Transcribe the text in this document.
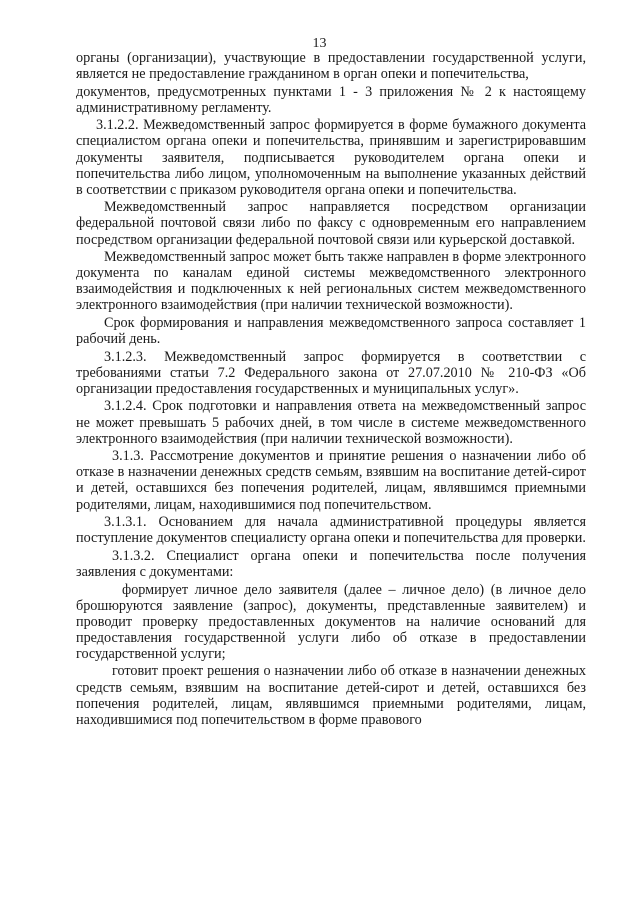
13

органы (организации), участвующие в предоставлении государственной услуги, является не предоставление гражданином в орган опеки и попечительства,

документов, предусмотренных пунктами 1 - 3 приложения № 2 к настоящему административному регламенту.

3.1.2.2. Межведомственный запрос формируется в форме бумажного документа специалистом органа опеки и попечительства, принявшим и зарегистрировавшим документы заявителя, подписывается руководителем органа опеки и попечительства либо лицом, уполномоченным на выполнение указанных действий в соответствии с приказом руководителя органа опеки и попечительства.

Межведомственный запрос направляется посредством организации федеральной почтовой связи либо по факсу с одновременным его направлением посредством организации федеральной почтовой связи или курьерской доставкой.

Межведомственный запрос может быть также направлен в форме электронного документа по каналам единой системы межведомственного электронного взаимодействия и подключенных к ней региональных систем межведомственного электронного взаимодействия (при наличии технической возможности).

Срок формирования и направления межведомственного запроса составляет 1 рабочий день.

3.1.2.3. Межведомственный запрос формируется в соответствии с требованиями статьи 7.2 Федерального закона от 27.07.2010 № 210-ФЗ «Об организации предоставления государственных и муниципальных услуг».

3.1.2.4. Срок подготовки и направления ответа на межведомственный запрос не может превышать 5 рабочих дней, в том числе в системе межведомственного электронного взаимодействия (при наличии технической возможности).

3.1.3. Рассмотрение документов и принятие решения о назначении либо об отказе в назначении денежных средств семьям, взявшим на воспитание детей-сирот и детей, оставшихся без попечения родителей, лицам, являвшимся приемными родителями, лицам, находившимися под попечительством.

3.1.3.1. Основанием для начала административной процедуры является поступление документов специалисту органа опеки и попечительства для проверки.

3.1.3.2. Специалист органа опеки и попечительства после получения заявления с документами:

формирует личное дело заявителя (далее – личное дело) (в личное дело брошюруются заявление (запрос), документы, представленные заявителем) и проводит проверку предоставленных документов на наличие оснований для предоставления государственной услуги либо об отказе в предоставлении государственной услуги;

готовит проект решения о назначении либо об отказе в назначении денежных средств семьям, взявшим на воспитание детей-сирот и детей, оставшихся без попечения родителей, лицам, являвшимся приемными родителями, лицам, находившимися под попечительством в форме правового
